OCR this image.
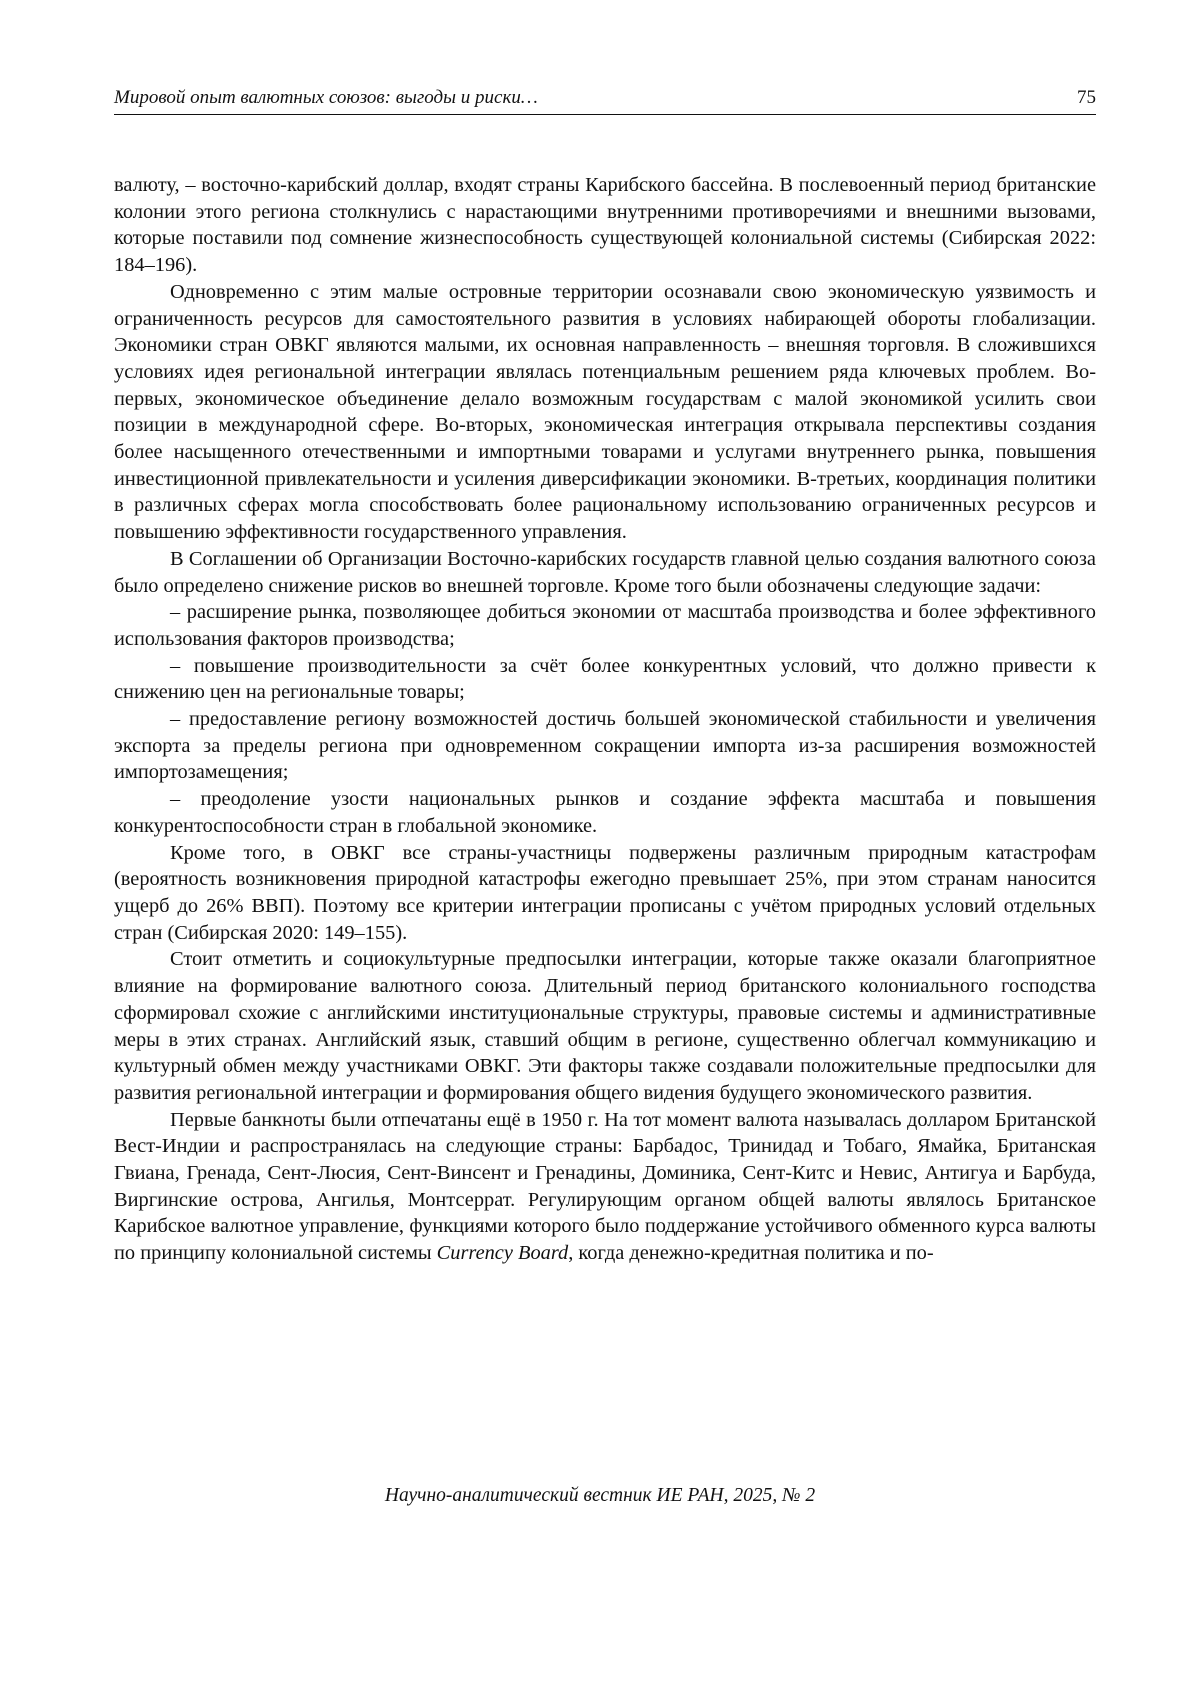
Мировой опыт валютных союзов: выгоды и риски…	75

валюту, – восточно-карибский доллар, входят страны Карибского бассейна. В послевоенный период британские колонии этого региона столкнулись с нарастающими внутренними противоречиями и внешними вызовами, которые поставили под сомнение жизнеспособность существующей колониальной системы (Сибирская 2022: 184–196).

Одновременно с этим малые островные территории осознавали свою экономическую уязвимость и ограниченность ресурсов для самостоятельного развития в условиях набирающей обороты глобализации. Экономики стран ОВКГ являются малыми, их основная направленность – внешняя торговля. В сложившихся условиях идея региональной интеграции являлась потенциальным решением ряда ключевых проблем. Во-первых, экономическое объединение делало возможным государствам с малой экономикой усилить свои позиции в международной сфере. Во-вторых, экономическая интеграция открывала перспективы создания более насыщенного отечественными и импортными товарами и услугами внутреннего рынка, повышения инвестиционной привлекательности и усиления диверсификации экономики. В-третьих, координация политики в различных сферах могла способствовать более рациональному использованию ограниченных ресурсов и повышению эффективности государственного управления.

В Соглашении об Организации Восточно-карибских государств главной целью создания валютного союза было определено снижение рисков во внешней торговле. Кроме того были обозначены следующие задачи:

– расширение рынка, позволяющее добиться экономии от масштаба производства и более эффективного использования факторов производства;

– повышение производительности за счёт более конкурентных условий, что должно привести к снижению цен на региональные товары;

– предоставление региону возможностей достичь большей экономической стабильности и увеличения экспорта за пределы региона при одновременном сокращении импорта из-за расширения возможностей импортозамещения;

– преодоление узости национальных рынков и создание эффекта масштаба и повышения конкурентоспособности стран в глобальной экономике.

Кроме того, в ОВКГ все страны-участницы подвержены различным природным катастрофам (вероятность возникновения природной катастрофы ежегодно превышает 25%, при этом странам наносится ущерб до 26% ВВП). Поэтому все критерии интеграции прописаны с учётом природных условий отдельных стран (Сибирская 2020: 149–155).

Стоит отметить и социокультурные предпосылки интеграции, которые также оказали благоприятное влияние на формирование валютного союза. Длительный период британского колониального господства сформировал схожие с английскими институциональные структуры, правовые системы и административные меры в этих странах. Английский язык, ставший общим в регионе, существенно облегчал коммуникацию и культурный обмен между участниками ОВКГ. Эти факторы также создавали положительные предпосылки для развития региональной интеграции и формирования общего видения будущего экономического развития.

Первые банкноты были отпечатаны ещё в 1950 г. На тот момент валюта называлась долларом Британской Вест-Индии и распространялась на следующие страны: Барбадос, Тринидад и Тобаго, Ямайка, Британская Гвиана, Гренада, Сент-Люсия, Сент-Винсент и Гренадины, Доминика, Сент-Китс и Невис, Антигуа и Барбуда, Виргинские острова, Ангилья, Монтсеррат. Регулирующим органом общей валюты являлось Британское Карибское валютное управление, функциями которого было поддержание устойчивого обменного курса валюты по принципу колониальной системы Currency Board, когда денежно-кредитная политика и по-

Научно-аналитический вестник ИЕ РАН, 2025, № 2
